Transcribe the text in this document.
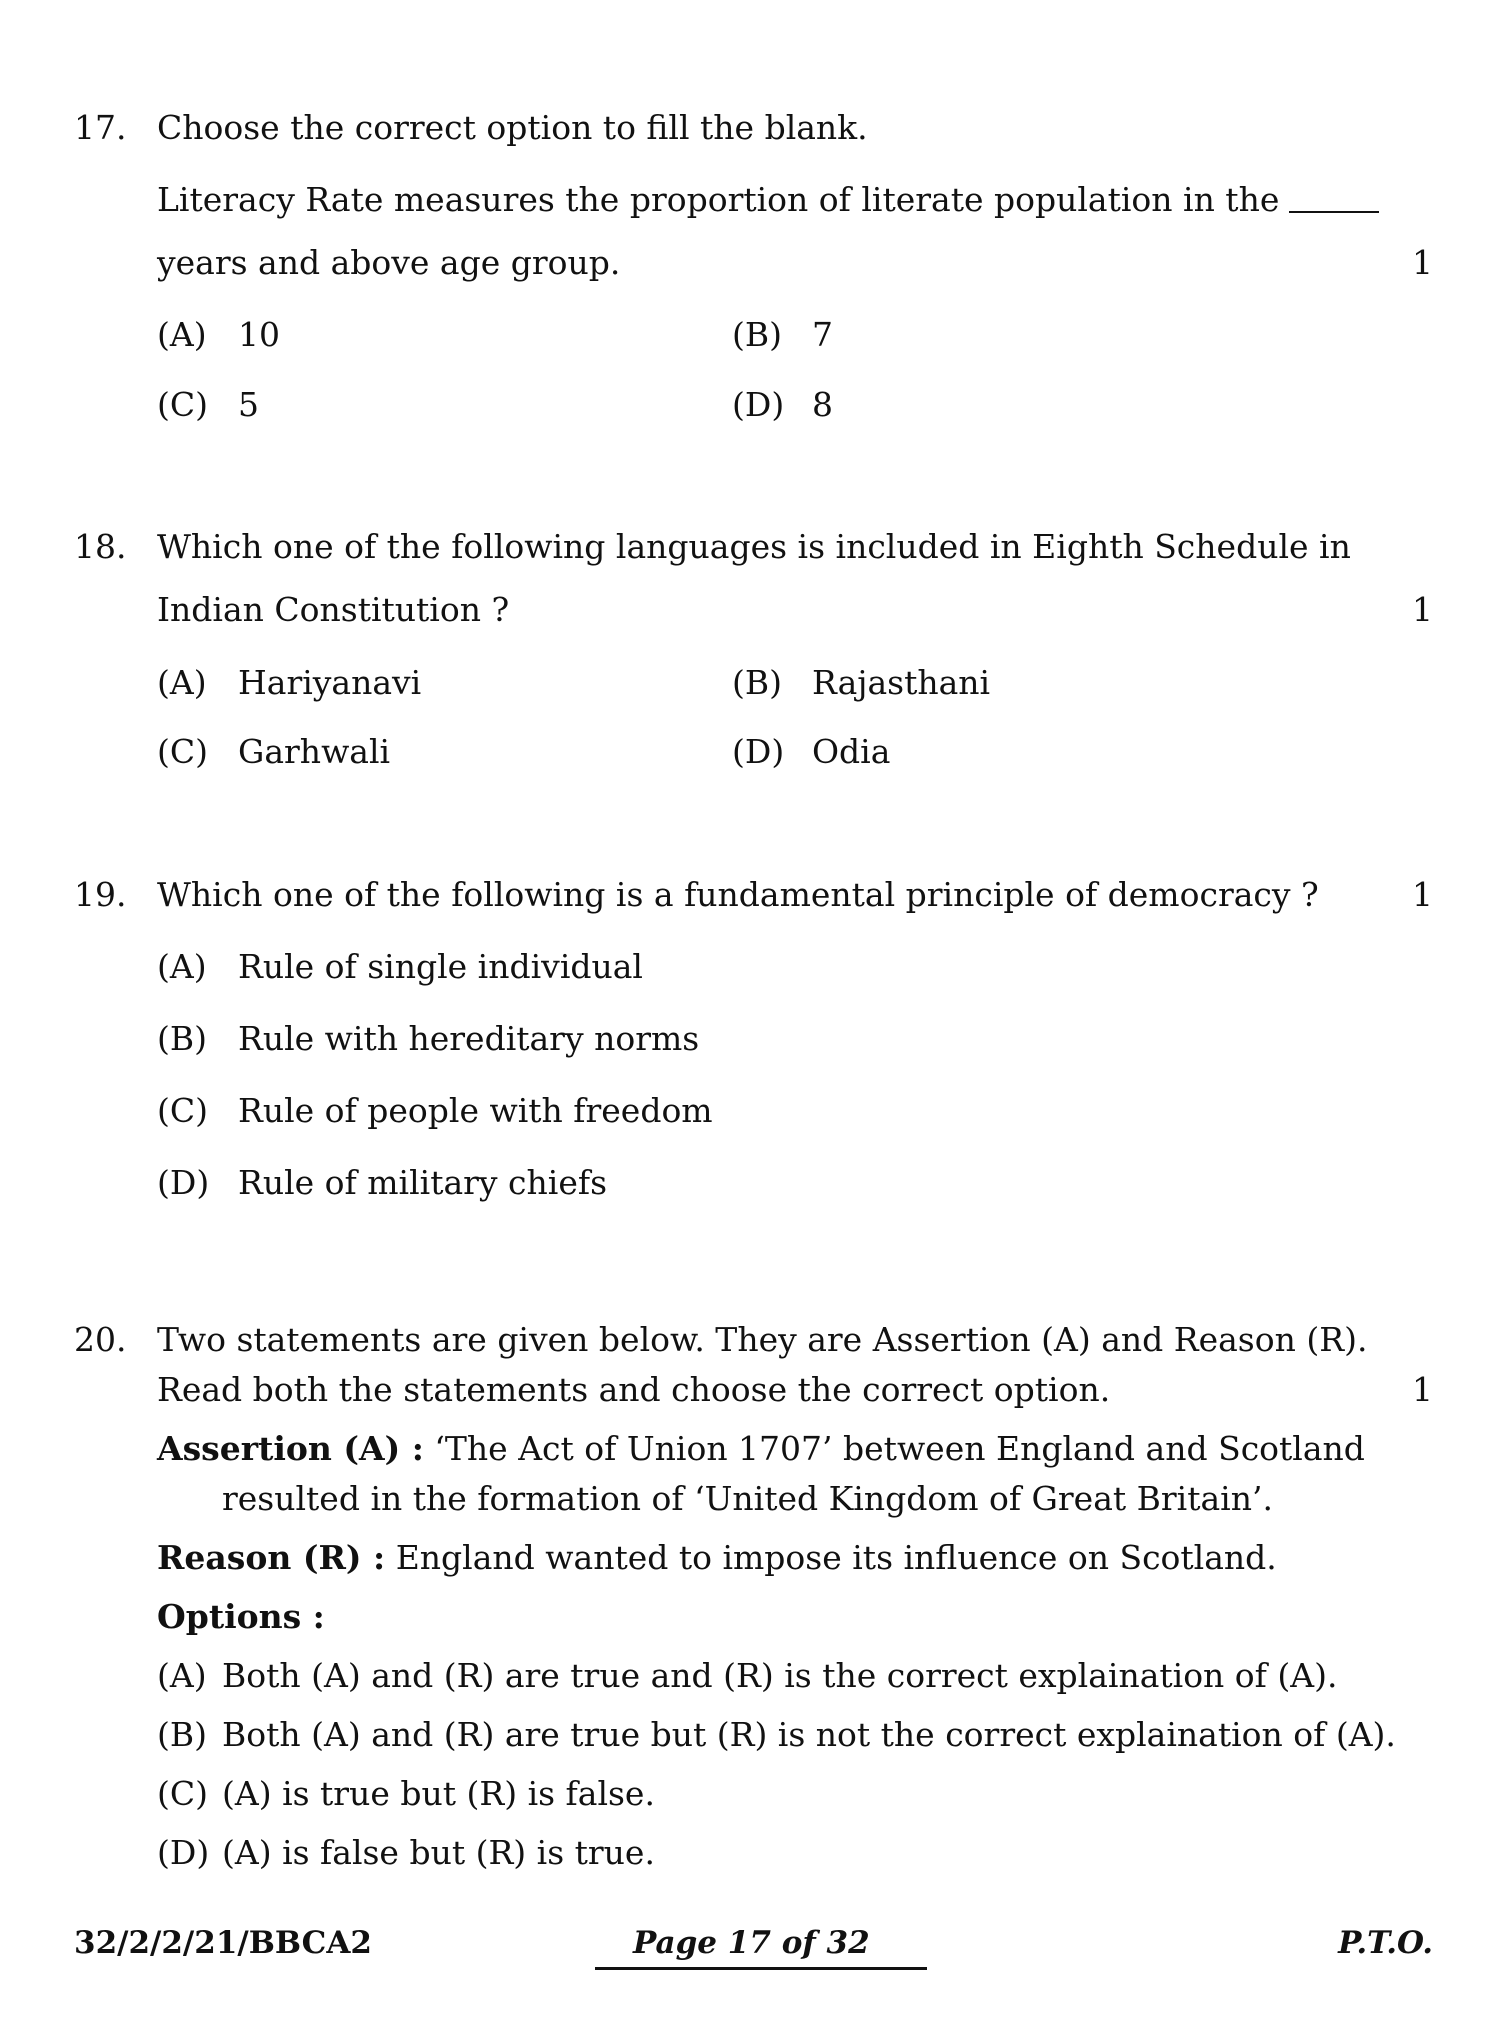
17. Choose the correct option to fill the blank.
Literacy Rate measures the proportion of literate population in the
years and above age group.	1
(A) 10	(B) 7
(C) 5	(D) 8
18. Which one of the following languages is included in Eighth Schedule in
Indian Constitution ?	1
(A) Hariyanavi	(B) Rajasthani
(C) Garhwali	(D) Odia
19. Which one of the following is a fundamental principle of democracy ?	1
(A) Rule of single individual
(B) Rule with hereditary norms
(C) Rule of people with freedom
(D) Rule of military chiefs
20. Two statements are given below. They are Assertion (A) and Reason (R).
Read both the statements and choose the correct option.	1
Assertion (A) : ‘The Act of Union 1707’ between England and Scotland
resulted in the formation of ‘United Kingdom of Great Britain’.
Reason (R) : England wanted to impose its influence on Scotland.
Options :
(A) Both (A) and (R) are true and (R) is the correct explaination of (A).
(B) Both (A) and (R) are true but (R) is not the correct explaination of (A).
(C) (A) is true but (R) is false.
(D) (A) is false but (R) is true.
32/2/2/21/BBCA2	Page 17 of 32	P.T.O.
